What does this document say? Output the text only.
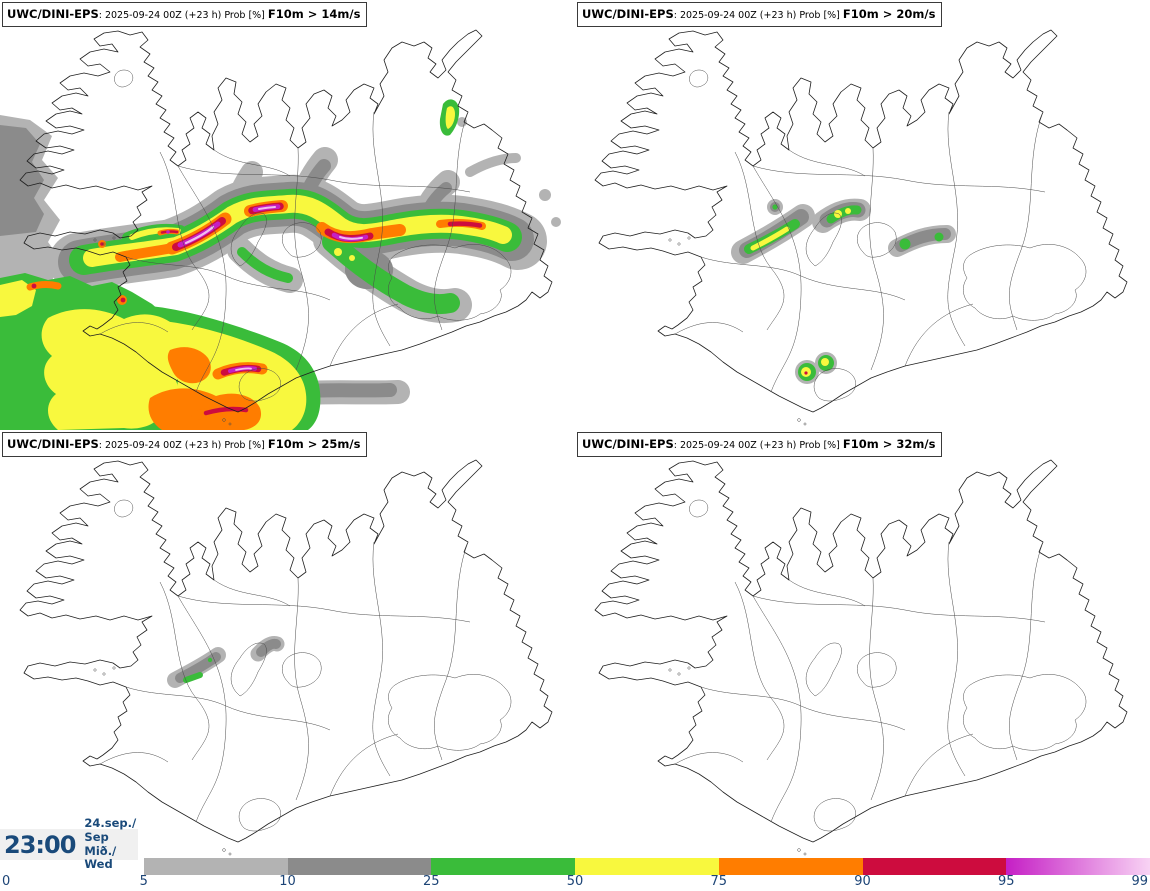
UWC/DINI-EPS: 2025-09-24 00Z (+23 h) Prob [%] F10m > 14m/s	UWC/DINI-EPS: 2025-09-24 00Z (+23 h) Prob [%] F10m > 20m/s
UWC/DINI-EPS: 2025-09-24 00Z (+23 h) Prob [%] F10m > 25m/s	UWC/DINI-EPS: 2025-09-24 00Z (+23 h) Prob [%] F10m > 32m/s
23:00
24.sep./ Sep
Mið./ Wed
0	5	10	25	50	75	90	95	99
